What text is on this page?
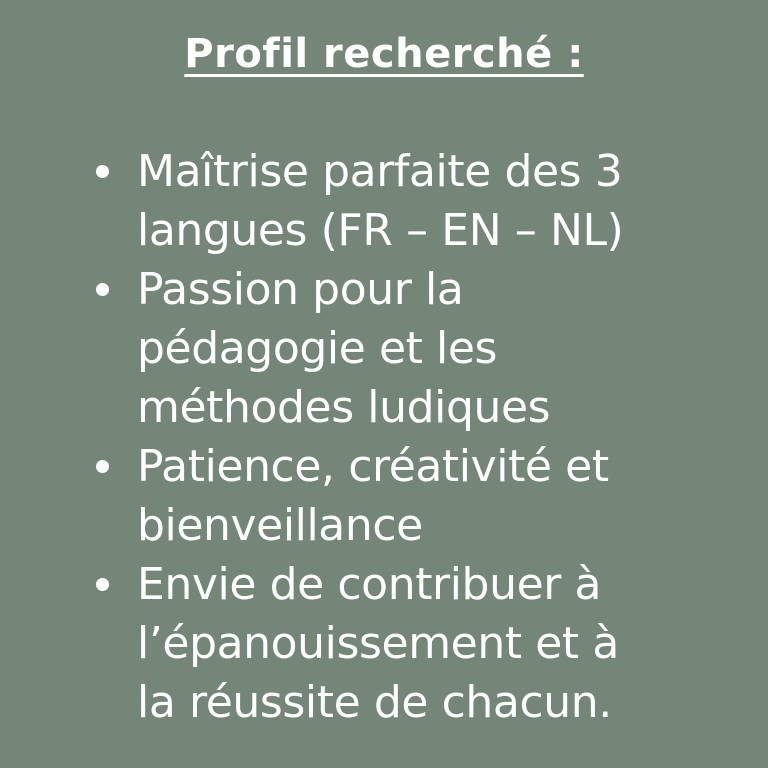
Profil recherché :
Maîtrise parfaite des 3
langues (FR – EN – NL)
Passion pour la
pédagogie et les
méthodes ludiques
Patience, créativité et
bienveillance
Envie de contribuer à
l’épanouissement et à
la réussite de chacun.
